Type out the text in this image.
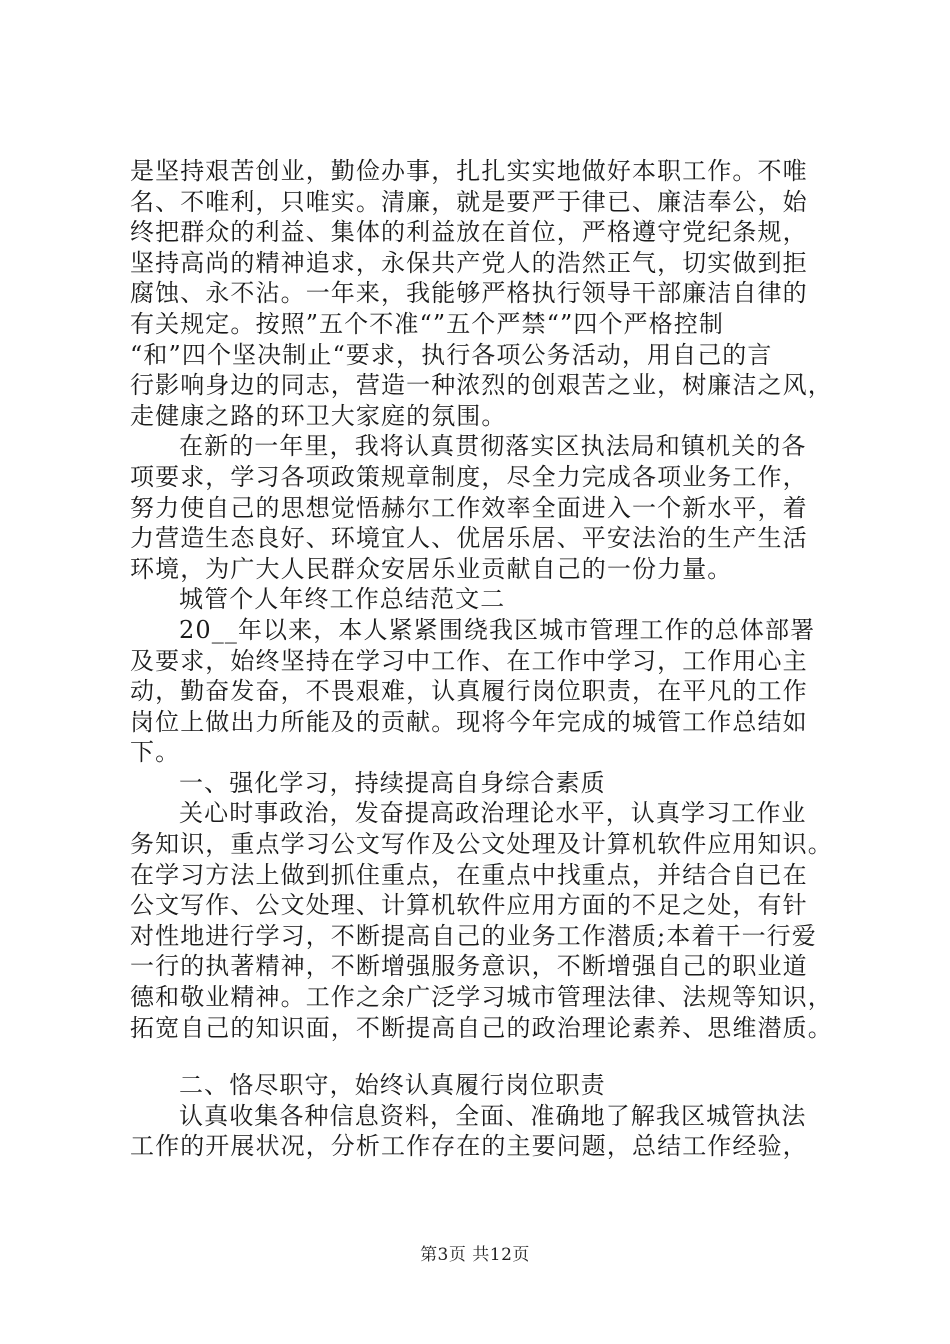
是坚持艰苦创业，勤俭办事，扎扎实实地做好本职工作。不唯
名、不唯利，只唯实。清廉，就是要严于律已、廉洁奉公，始
终把群众的利益、集体的利益放在首位，严格遵守党纪条规，
坚持高尚的精神追求，永保共产党人的浩然正气，切实做到拒
腐蚀、永不沾。一年来，我能够严格执行领导干部廉洁自律的
有关规定。按照”五个不准“”五个严禁“”四个严格控制
“和”四个坚决制止“要求，执行各项公务活动，用自己的言
行影响身边的同志，营造一种浓烈的创艰苦之业，树廉洁之风，
走健康之路的环卫大家庭的氛围。
在新的一年里，我将认真贯彻落实区执法局和镇机关的各
项要求，学习各项政策规章制度，尽全力完成各项业务工作，
努力使自己的思想觉悟赫尔工作效率全面进入一个新水平，着
力营造生态良好、环境宜人、优居乐居、平安法治的生产生活
环境，为广大人民群众安居乐业贡献自己的一份力量。
城管个人年终工作总结范文二
20__年以来，本人紧紧围绕我区城市管理工作的总体部署
及要求，始终坚持在学习中工作、在工作中学习，工作用心主
动，勤奋发奋，不畏艰难，认真履行岗位职责，在平凡的工作
岗位上做出力所能及的贡献。现将今年完成的城管工作总结如
下。
一、强化学习，持续提高自身综合素质
关心时事政治，发奋提高政治理论水平，认真学习工作业
务知识，重点学习公文写作及公文处理及计算机软件应用知识。
在学习方法上做到抓住重点，在重点中找重点，并结合自已在
公文写作、公文处理、计算机软件应用方面的不足之处，有针
对性地进行学习，不断提高自己的业务工作潜质;本着干一行爱
一行的执著精神，不断增强服务意识，不断增强自己的职业道
德和敬业精神。工作之余广泛学习城市管理法律、法规等知识，
拓宽自己的知识面，不断提高自己的政治理论素养、思维潜质。
二、恪尽职守，始终认真履行岗位职责
认真收集各种信息资料，全面、准确地了解我区城管执法
工作的开展状况，分析工作存在的主要问题，总结工作经验，
第3页 共12页
